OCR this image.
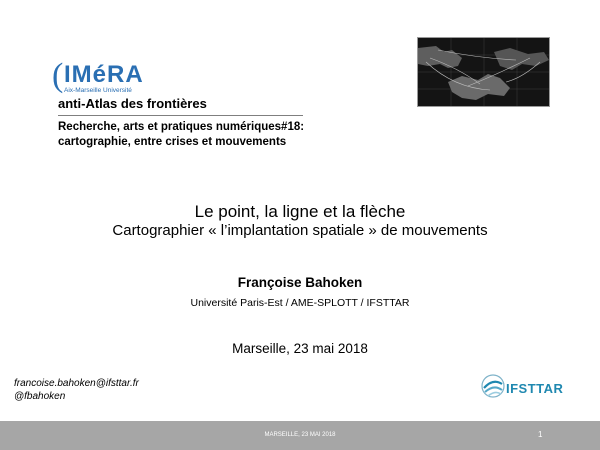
( IMéRA
Aix-Marseille Université
anti-Atlas des frontières
Recherche, arts et pratiques numériques#18:
cartographie, entre crises et mouvements
Le point, la ligne et la flèche
Cartographier « l’implantation spatiale » de mouvements
Françoise Bahoken
Université Paris-Est / AME-SPLOTT / IFSTTAR
Marseille, 23 mai 2018
francoise.bahoken@ifsttar.fr
@fbahoken
IFSTTAR
MARSEILLE, 23 MAI 2018	1
